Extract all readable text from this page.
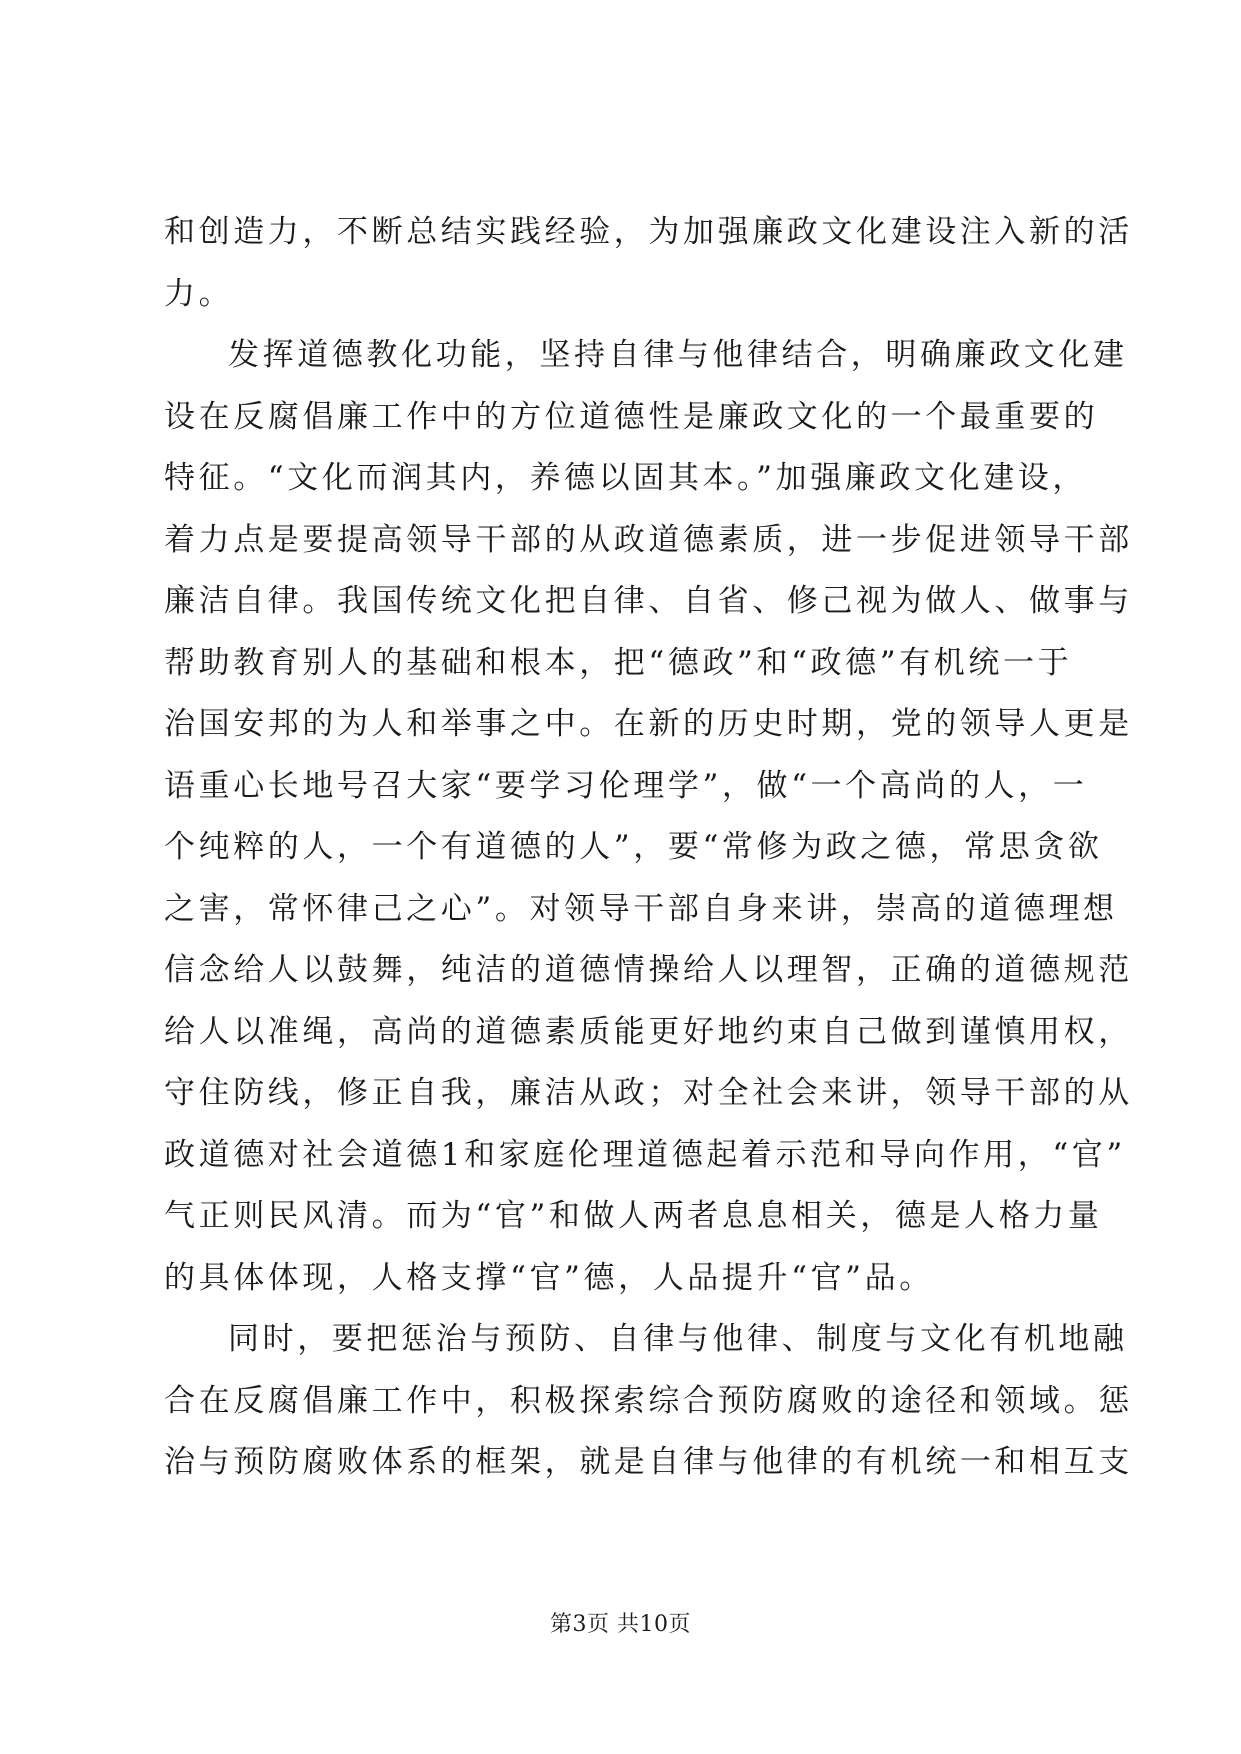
和创造力，不断总结实践经验，为加强廉政文化建设注入新的活
力。
发挥道德教化功能，坚持自律与他律结合，明确廉政文化建
设在反腐倡廉工作中的方位道德性是廉政文化的一个最重要的
特征。“文化而润其内，养德以固其本。”加强廉政文化建设，
着力点是要提高领导干部的从政道德素质，进一步促进领导干部
廉洁自律。我国传统文化把自律、自省、修己视为做人、做事与
帮助教育别人的基础和根本，把“德政”和“政德”有机统一于
治国安邦的为人和举事之中。在新的历史时期，党的领导人更是
语重心长地号召大家“要学习伦理学”，做“一个高尚的人，一
个纯粹的人，一个有道德的人”，要“常修为政之德，常思贪欲
之害，常怀律己之心”。对领导干部自身来讲，崇高的道德理想
信念给人以鼓舞，纯洁的道德情操给人以理智，正确的道德规范
给人以准绳，高尚的道德素质能更好地约束自己做到谨慎用权，
守住防线，修正自我，廉洁从政；对全社会来讲，领导干部的从
政道德对社会道德1和家庭伦理道德起着示范和导向作用，“官”
气正则民风清。而为“官”和做人两者息息相关，德是人格力量
的具体体现，人格支撑“官”德，人品提升“官”品。
同时，要把惩治与预防、自律与他律、制度与文化有机地融
合在反腐倡廉工作中，积极探索综合预防腐败的途径和领域。惩
治与预防腐败体系的框架，就是自律与他律的有机统一和相互支
第3页 共10页
